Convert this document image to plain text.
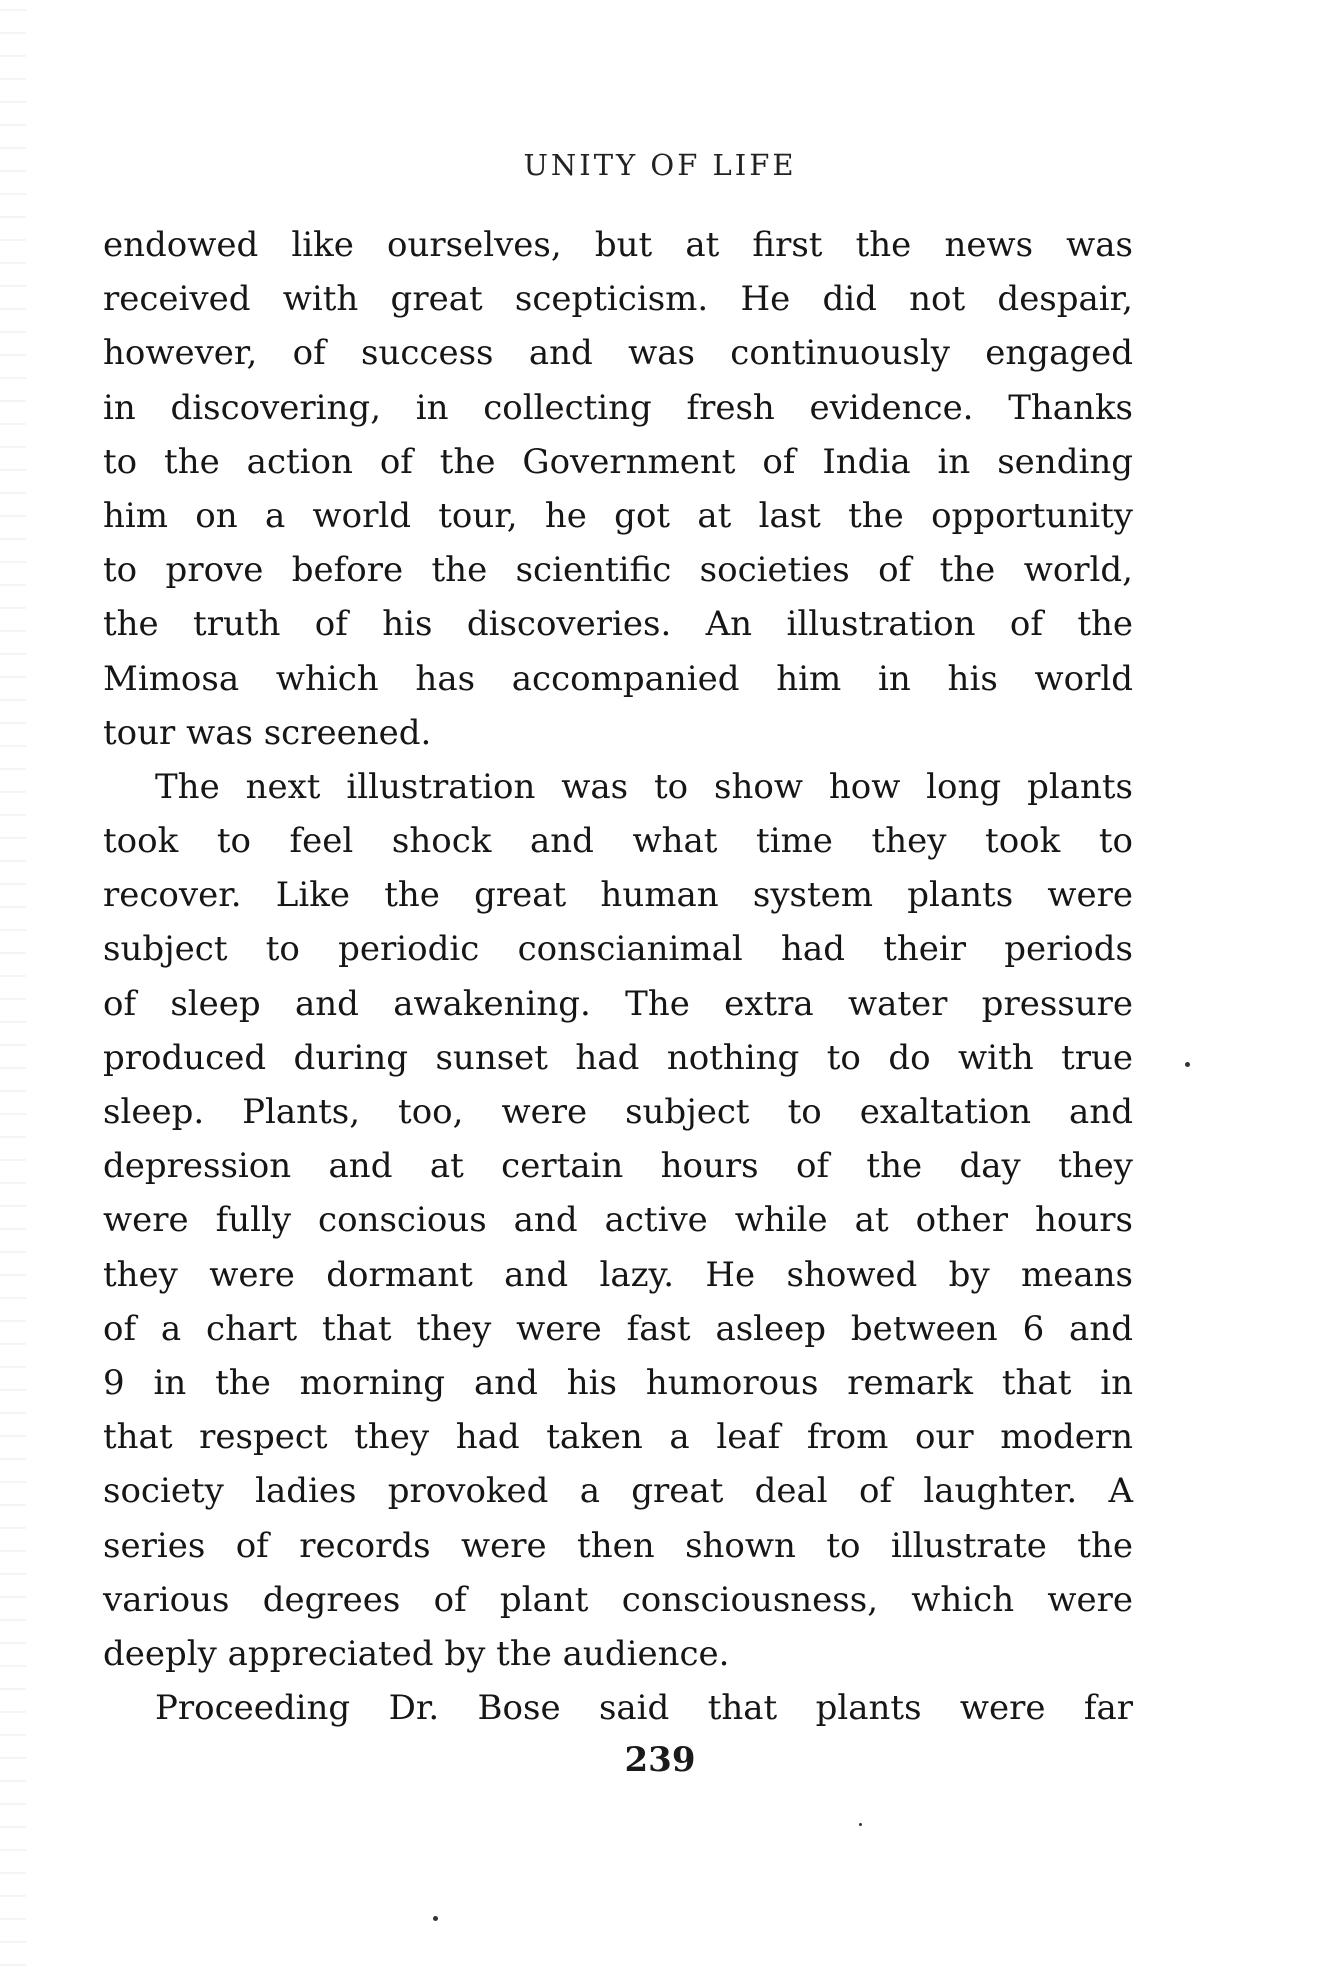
UNITY OF LIFE
endowed like ourselves, but at first the news was
received with great scepticism. He did not despair,
however, of success and was continuously engaged
in discovering, in collecting fresh evidence. Thanks
to the action of the Government of India in sending
him on a world tour, he got at last the opportunity
to prove before the scientific societies of the world,
the truth of his discoveries. An illustration of the
Mimosa which has accompanied him in his world
tour was screened.
The next illustration was to show how long plants
took to feel shock and what time they took to
recover. Like the great human system plants were
subject to periodic conscianimal had their periods
of sleep and awakening. The extra water pressure
produced during sunset had nothing to do with true
sleep. Plants, too, were subject to exaltation and
depression and at certain hours of the day they
were fully conscious and active while at other hours
they were dormant and lazy. He showed by means
of a chart that they were fast asleep between 6 and
9 in the morning and his humorous remark that in
that respect they had taken a leaf from our modern
society ladies provoked a great deal of laughter. A
series of records were then shown to illustrate the
various degrees of plant consciousness, which were
deeply appreciated by the audience.
Proceeding Dr. Bose said that plants were far
239
